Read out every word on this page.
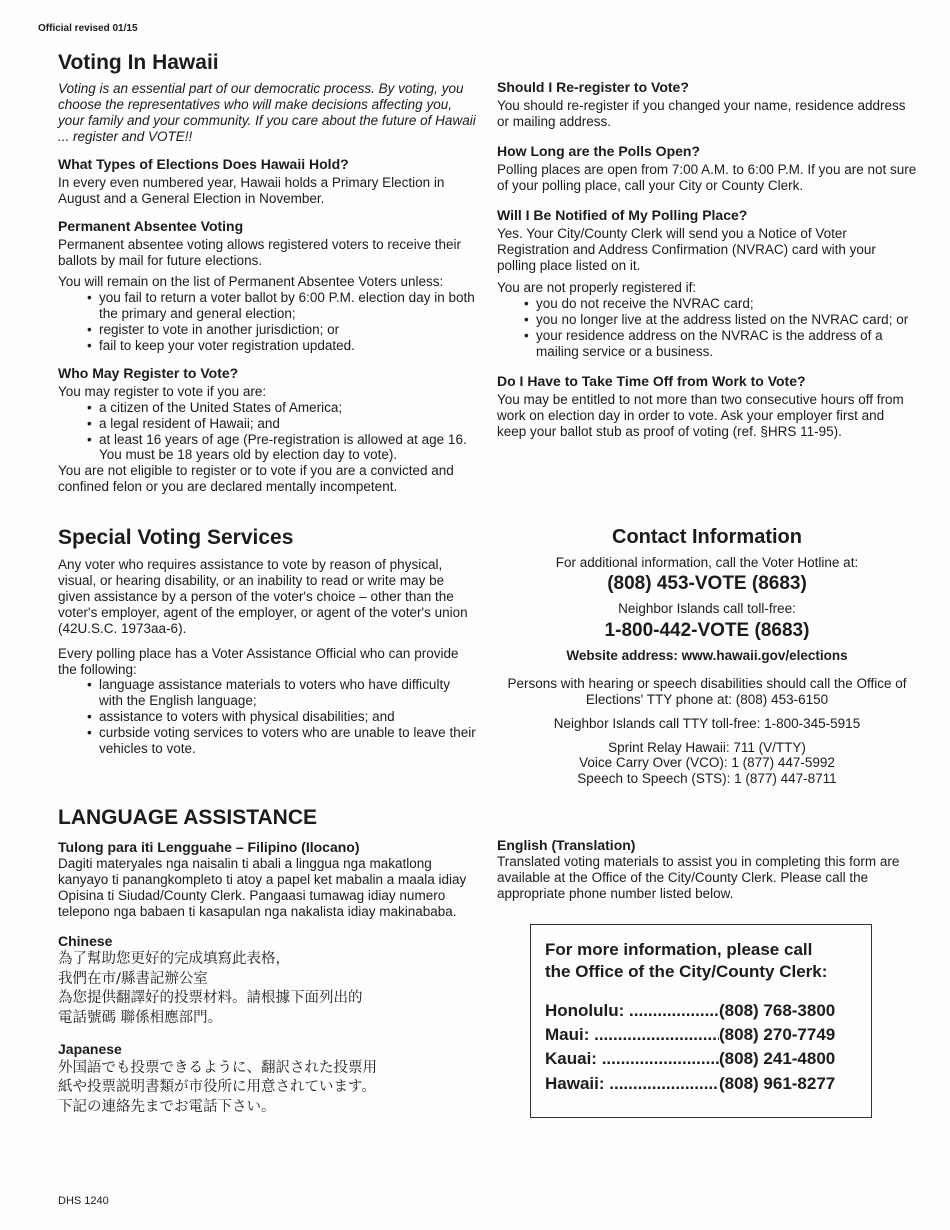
Official revised 01/15
Voting In Hawaii

Voting is an essential part of our democratic process. By voting, you choose the representatives who will make decisions affecting you, your family and your community. If you care about the future of Hawaii ... register and VOTE!!

What Types of Elections Does Hawaii Hold?

In every even numbered year, Hawaii holds a Primary Election in August and a General Election in November.

Permanent Absentee Voting

Permanent absentee voting allows registered voters to receive their ballots by mail for future elections.

You will remain on the list of Permanent Absentee Voters unless:

• you fail to return a voter ballot by 6:00 P.M. election day in both the primary and general election;
• register to vote in another jurisdiction; or
• fail to keep your voter registration updated.
Who May Register to Vote?

You may register to vote if you are:

• a citizen of the United States of America;
• a legal resident of Hawaii; and
• at least 16 years of age (Pre-registration is allowed at age 16. You must be 18 years old by election day to vote).

You are not eligible to register or to vote if you are a convicted and confined felon or you are declared mentally incompetent.

Should I Re-register to Vote?

You should re-register if you changed your name, residence address or mailing address.

How Long are the Polls Open?

Polling places are open from 7:00 A.M. to 6:00 P.M. If you are not sure of your polling place, call your City or County Clerk.

Will I Be Notified of My Polling Place?

Yes. Your City/County Clerk will send you a Notice of Voter Registration and Address Confirmation (NVRAC) card with your polling place listed on it.

You are not properly registered if:

• you do not receive the NVRAC card;
• you no longer live at the address listed on the NVRAC card; or
• your residence address on the NVRAC is the address of a mailing service or a business.
Do I Have to Take Time Off from Work to Vote?

You may be entitled to not more than two consecutive hours off from work on election day in order to vote. Ask your employer first and keep your ballot stub as proof of voting (ref. §HRS 11-95).

Special Voting Services

Any voter who requires assistance to vote by reason of physical, visual, or hearing disability, or an inability to read or write may be given assistance by a person of the voter's choice – other than the voter's employer, agent of the employer, or agent of the voter's union (42U.S.C. 1973aa-6).

Every polling place has a Voter Assistance Official who can provide the following:

• language assistance materials to voters who have difficulty with the English language;
• assistance to voters with physical disabilities; and
• curbside voting services to voters who are unable to leave their vehicles to vote.
Contact Information

For additional information, call the Voter Hotline at:

(808) 453-VOTE (8683)

Neighbor Islands call toll-free:

1-800-442-VOTE (8683)

Website address: www.hawaii.gov/elections

Persons with hearing or speech disabilities should call the Office of Elections' TTY phone at: (808) 453-6150

Neighbor Islands call TTY toll-free: 1-800-345-5915

Sprint Relay Hawaii: 711 (V/TTY)
Voice Carry Over (VCO): 1 (877) 447-5992
Speech to Speech (STS): 1 (877) 447-8711
LANGUAGE ASSISTANCE
Tulong para iti Lengguahe – Filipino (Ilocano)

Dagiti materyales nga naisalin ti abali a linggua nga makatlong kanyayo ti panangkompleto ti atoy a papel ket mabalin a maala idiay Opisina ti Siudad/County Clerk. Pangaasi tumawag idiay numero telepono nga babaen ti kasapulan nga nakalista idiay makinababa.

Chinese
為了幫助您更好的完成填寫此表格，
我們在市/縣書記辦公室
為您提供翻譯好的投票材料。請根據下面列出的
電話號碼 聯係相應部門。
Japanese
外国語でも投票できるように、翻訳された投票用
紙や投票説明書類が市役所に用意されています。
下記の連絡先までお電話下さい。
English (Translation)

Translated voting materials to assist you in completing this form are available at the Office of the City/County Clerk. Please call the appropriate phone number listed below.

For more information, please call
the Office of the City/County Clerk:
Honolulu: .....	(808) 768-3800
Maui: .....	(808) 270-7749
Kauai: .....	(808) 241-4800
Hawaii: .....	(808) 961-8277
DHS 1240
